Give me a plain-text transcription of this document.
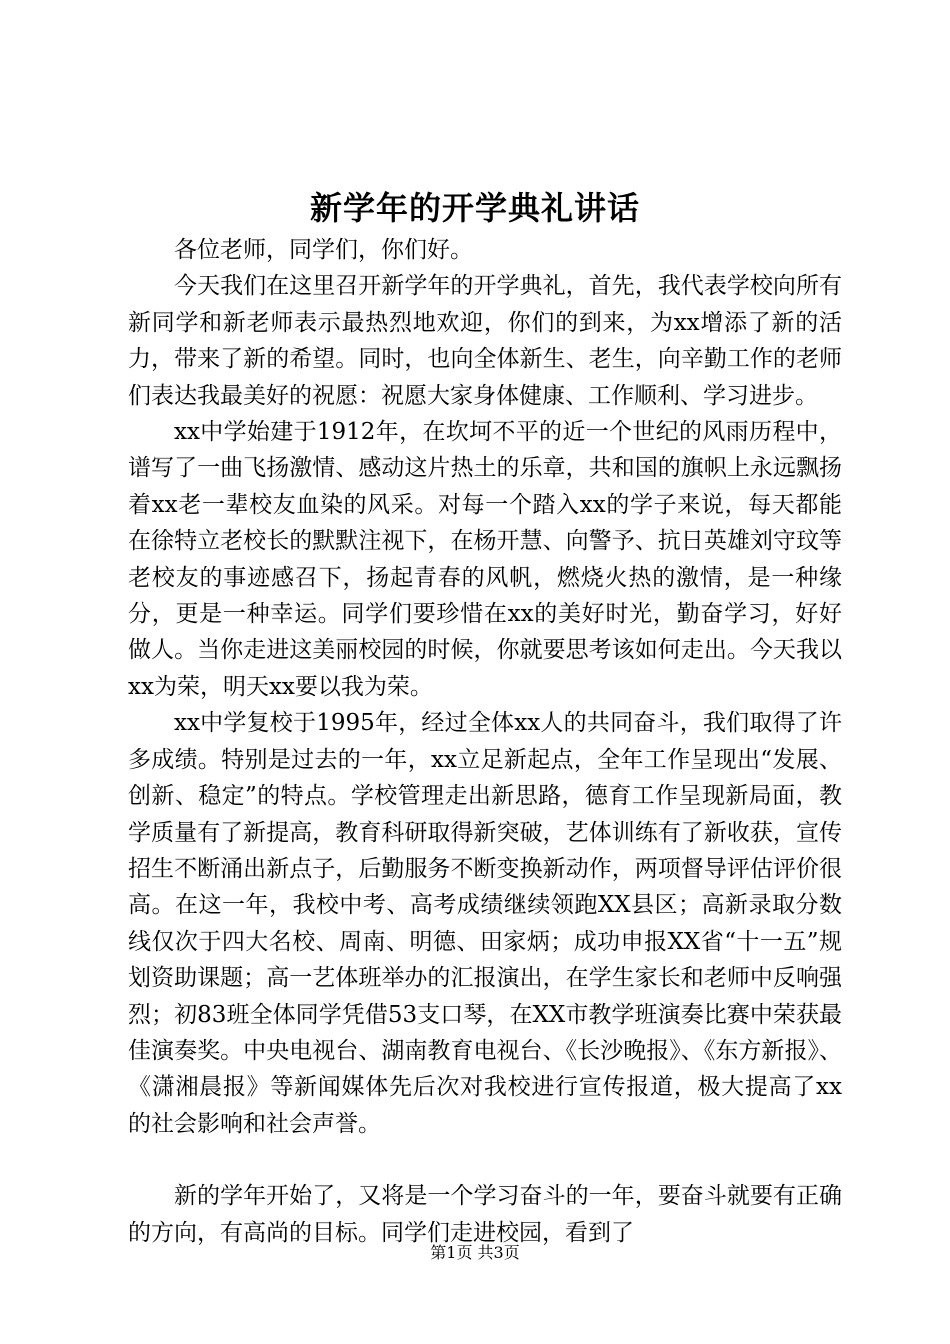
新学年的开学典礼讲话

各位老师，同学们，你们好。

今天我们在这里召开新学年的开学典礼，首先，我代表学校向所有新同学和新老师表示最热烈地欢迎，你们的到来，为xx增添了新的活力，带来了新的希望。同时，也向全体新生、老生，向辛勤工作的老师们表达我最美好的祝愿：祝愿大家身体健康、工作顺利、学习进步。

xx中学始建于1912年，在坎坷不平的近一个世纪的风雨历程中，谱写了一曲飞扬激情、感动这片热土的乐章，共和国的旗帜上永远飘扬着xx老一辈校友血染的风采。对每一个踏入xx的学子来说，每天都能在徐特立老校长的默默注视下，在杨开慧、向警予、抗日英雄刘守玟等老校友的事迹感召下，扬起青春的风帆，燃烧火热的激情，是一种缘分，更是一种幸运。同学们要珍惜在xx的美好时光，勤奋学习，好好做人。当你走进这美丽校园的时候，你就要思考该如何走出。今天我以xx为荣，明天xx要以我为荣。

xx中学复校于1995年，经过全体xx人的共同奋斗，我们取得了许多成绩。特别是过去的一年，xx立足新起点，全年工作呈现出“发展、创新、稳定”的特点。学校管理走出新思路，德育工作呈现新局面，教学质量有了新提高，教育科研取得新突破，艺体训练有了新收获，宣传招生不断涌出新点子，后勤服务不断变换新动作，两项督导评估评价很高。在这一年，我校中考、高考成绩继续领跑XX县区；高新录取分数线仅次于四大名校、周南、明德、田家炳；成功申报XX省“十一五”规划资助课题；高一艺体班举办的汇报演出，在学生家长和老师中反响强烈；初83班全体同学凭借53支口琴，在XX市教学班演奏比赛中荣获最佳演奏奖。中央电视台、湖南教育电视台、《长沙晚报》、《东方新报》、《潇湘晨报》等新闻媒体先后次对我校进行宣传报道，极大提高了xx的社会影响和社会声誉。

新的学年开始了，又将是一个学习奋斗的一年，要奋斗就要有正确的方向，有高尚的目标。同学们走进校园，看到了

第1页 共3页
